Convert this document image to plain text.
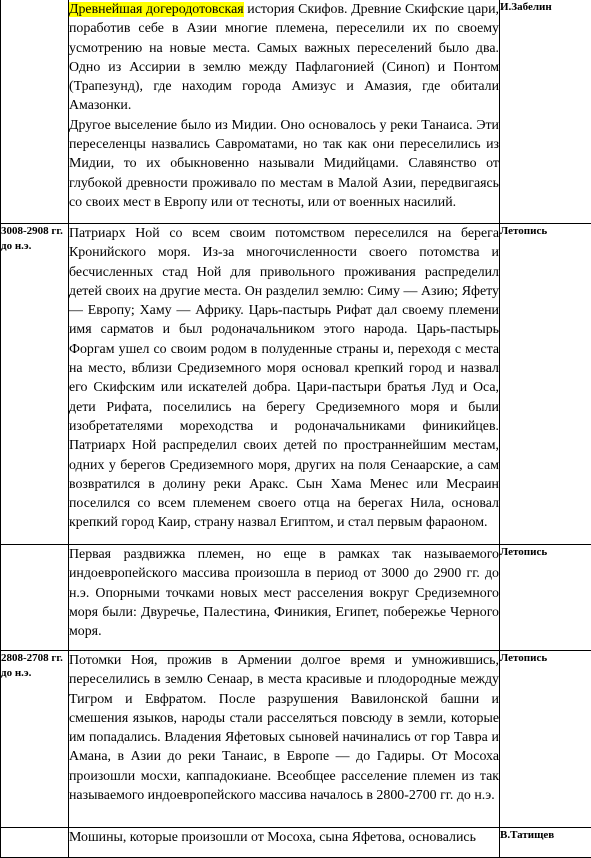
	Древнейшая догеродотовская история Скифов. Древние Скифские цари, поработив себе в Азии многие племена, переселили их по своему усмотрению на новые места. Самых важных переселений было два. Одно из Ассирии в землю между Пафлагонией (Синоп) и Понтом (Трапезунд), где находим города Амизус и Амазия, где обитали Амазонки.

Другое выселение было из Мидии. Оно основалось у реки Танаиса. Эти переселенцы назвались Савроматами, но так как они переселились из Мидии, то их обыкновенно называли Мидийцами. Славянство от глубокой древности проживало по местам в Малой Азии, передвигаясь со своих мест в Европу или от тесноты, или от военных насилий.	И.Забелин
3008-2908 гг. до н.э.	Патриарх Ной со всем своим потомством переселился на берега Кронийского моря. Из-за многочисленности своего потомства и бесчисленных стад Ной для привольного проживания распределил детей своих на другие места. Он разделил землю: Симу — Азию; Яфету — Европу; Хаму — Африку. Царь-пастырь Рифат дал своему племени имя сарматов и был родоначальником этого народа. Царь-пастырь Форгам ушел со своим родом в полуденные страны и, переходя с места на место, вблизи Средиземного моря основал крепкий город и назвал его Скифским или искателей добра. Цари-пастыри братья Луд и Оса, дети Рифата, поселились на берегу Средиземного моря и были изобретателями мореходства и родоначальниками финикийцев. Патриарх Ной распределил своих детей по пространнейшим местам, одних у берегов Средиземного моря, других на поля Сенаарские, а сам возвратился в долину реки Аракс. Сын Хама Менес или Месраин поселился со всем племенем своего отца на берегах Нила, основал крепкий город Каир, страну назвал Египтом, и стал первым фараоном.	Летопись

	Первая раздвижка племен, но еще в рамках так называемого индоевропейского массива произошла в период от 3000 до 2900 гг. до н.э. Опорными точками новых мест расселения вокруг Средиземного моря были: Двуречье, Палестина, Финикия, Египет, побережье Черного моря.	Летопись
2808-2708 гг. до н.э.	Потомки Ноя, прожив в Армении долгое время и умножившись, переселились в землю Сенаар, в места красивые и плодородные между Тигром и Евфратом. После разрушения Вавилонской башни и смешения языков, народы стали расселяться повсюду в земли, которые им попадались. Владения Яфетовых сыновей начинались от гор Тавра и Амана, в Азии до реки Танаис, в Европе — до Гадиры. От Мосоха произошли мосхи, каппадокиане. Всеобщее расселение племен из так называемого индоевропейского массива началось в 2800-2700 гг. до н.э.	Летопись

	Мошины, которые произошли от Мосоха, сына Яфетова, основались	В.Татищев
